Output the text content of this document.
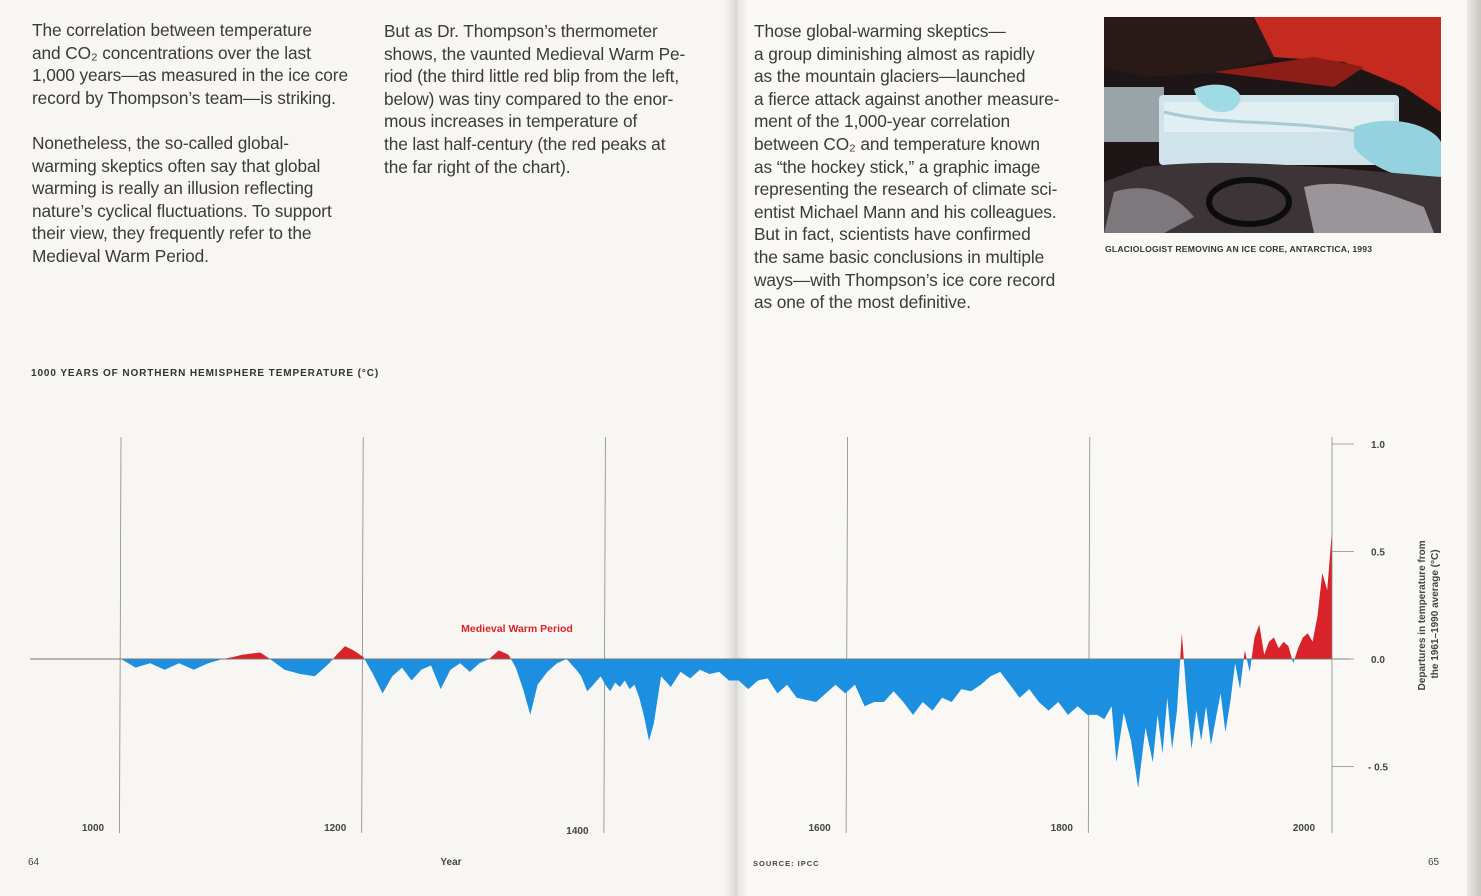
The correlation between temperature
and CO₂ concentrations over the last
1,000 years—as measured in the ice core
record by Thompson’s team—is striking.

Nonetheless, the so-called global-
warming skeptics often say that global
warming is really an illusion reflecting
nature’s cyclical fluctuations. To support
their view, they frequently refer to the
Medieval Warm Period.
But as Dr. Thompson’s thermometer
shows, the vaunted Medieval Warm Pe-
riod (the third little red blip from the left,
below) was tiny compared to the enor-
mous increases in temperature of
the last half-century (the red peaks at
the far right of the chart).
Those global-warming skeptics—
a group diminishing almost as rapidly
as the mountain glaciers—launched
a fierce attack against another measure-
ment of the 1,000-year correlation
between CO₂ and temperature known
as “the hockey stick,” a graphic image
representing the research of climate sci-
entist Michael Mann and his colleagues.
But in fact, scientists have confirmed
the same basic conclusions in multiple
ways—with Thompson’s ice core record
as one of the most definitive.
GLACIOLOGIST REMOVING AN ICE CORE, ANTARCTICA, 1993
1000 YEARS OF NORTHERN HEMISPHERE TEMPERATURE (°C)
1000	1200	1400	1600	1800	2000
1.0
0.5
0.0
- 0.5
Medieval Warm Period
Year
Departures in temperature from the 1961–1990 average (°C)
64	SOURCE: IPCC	65
